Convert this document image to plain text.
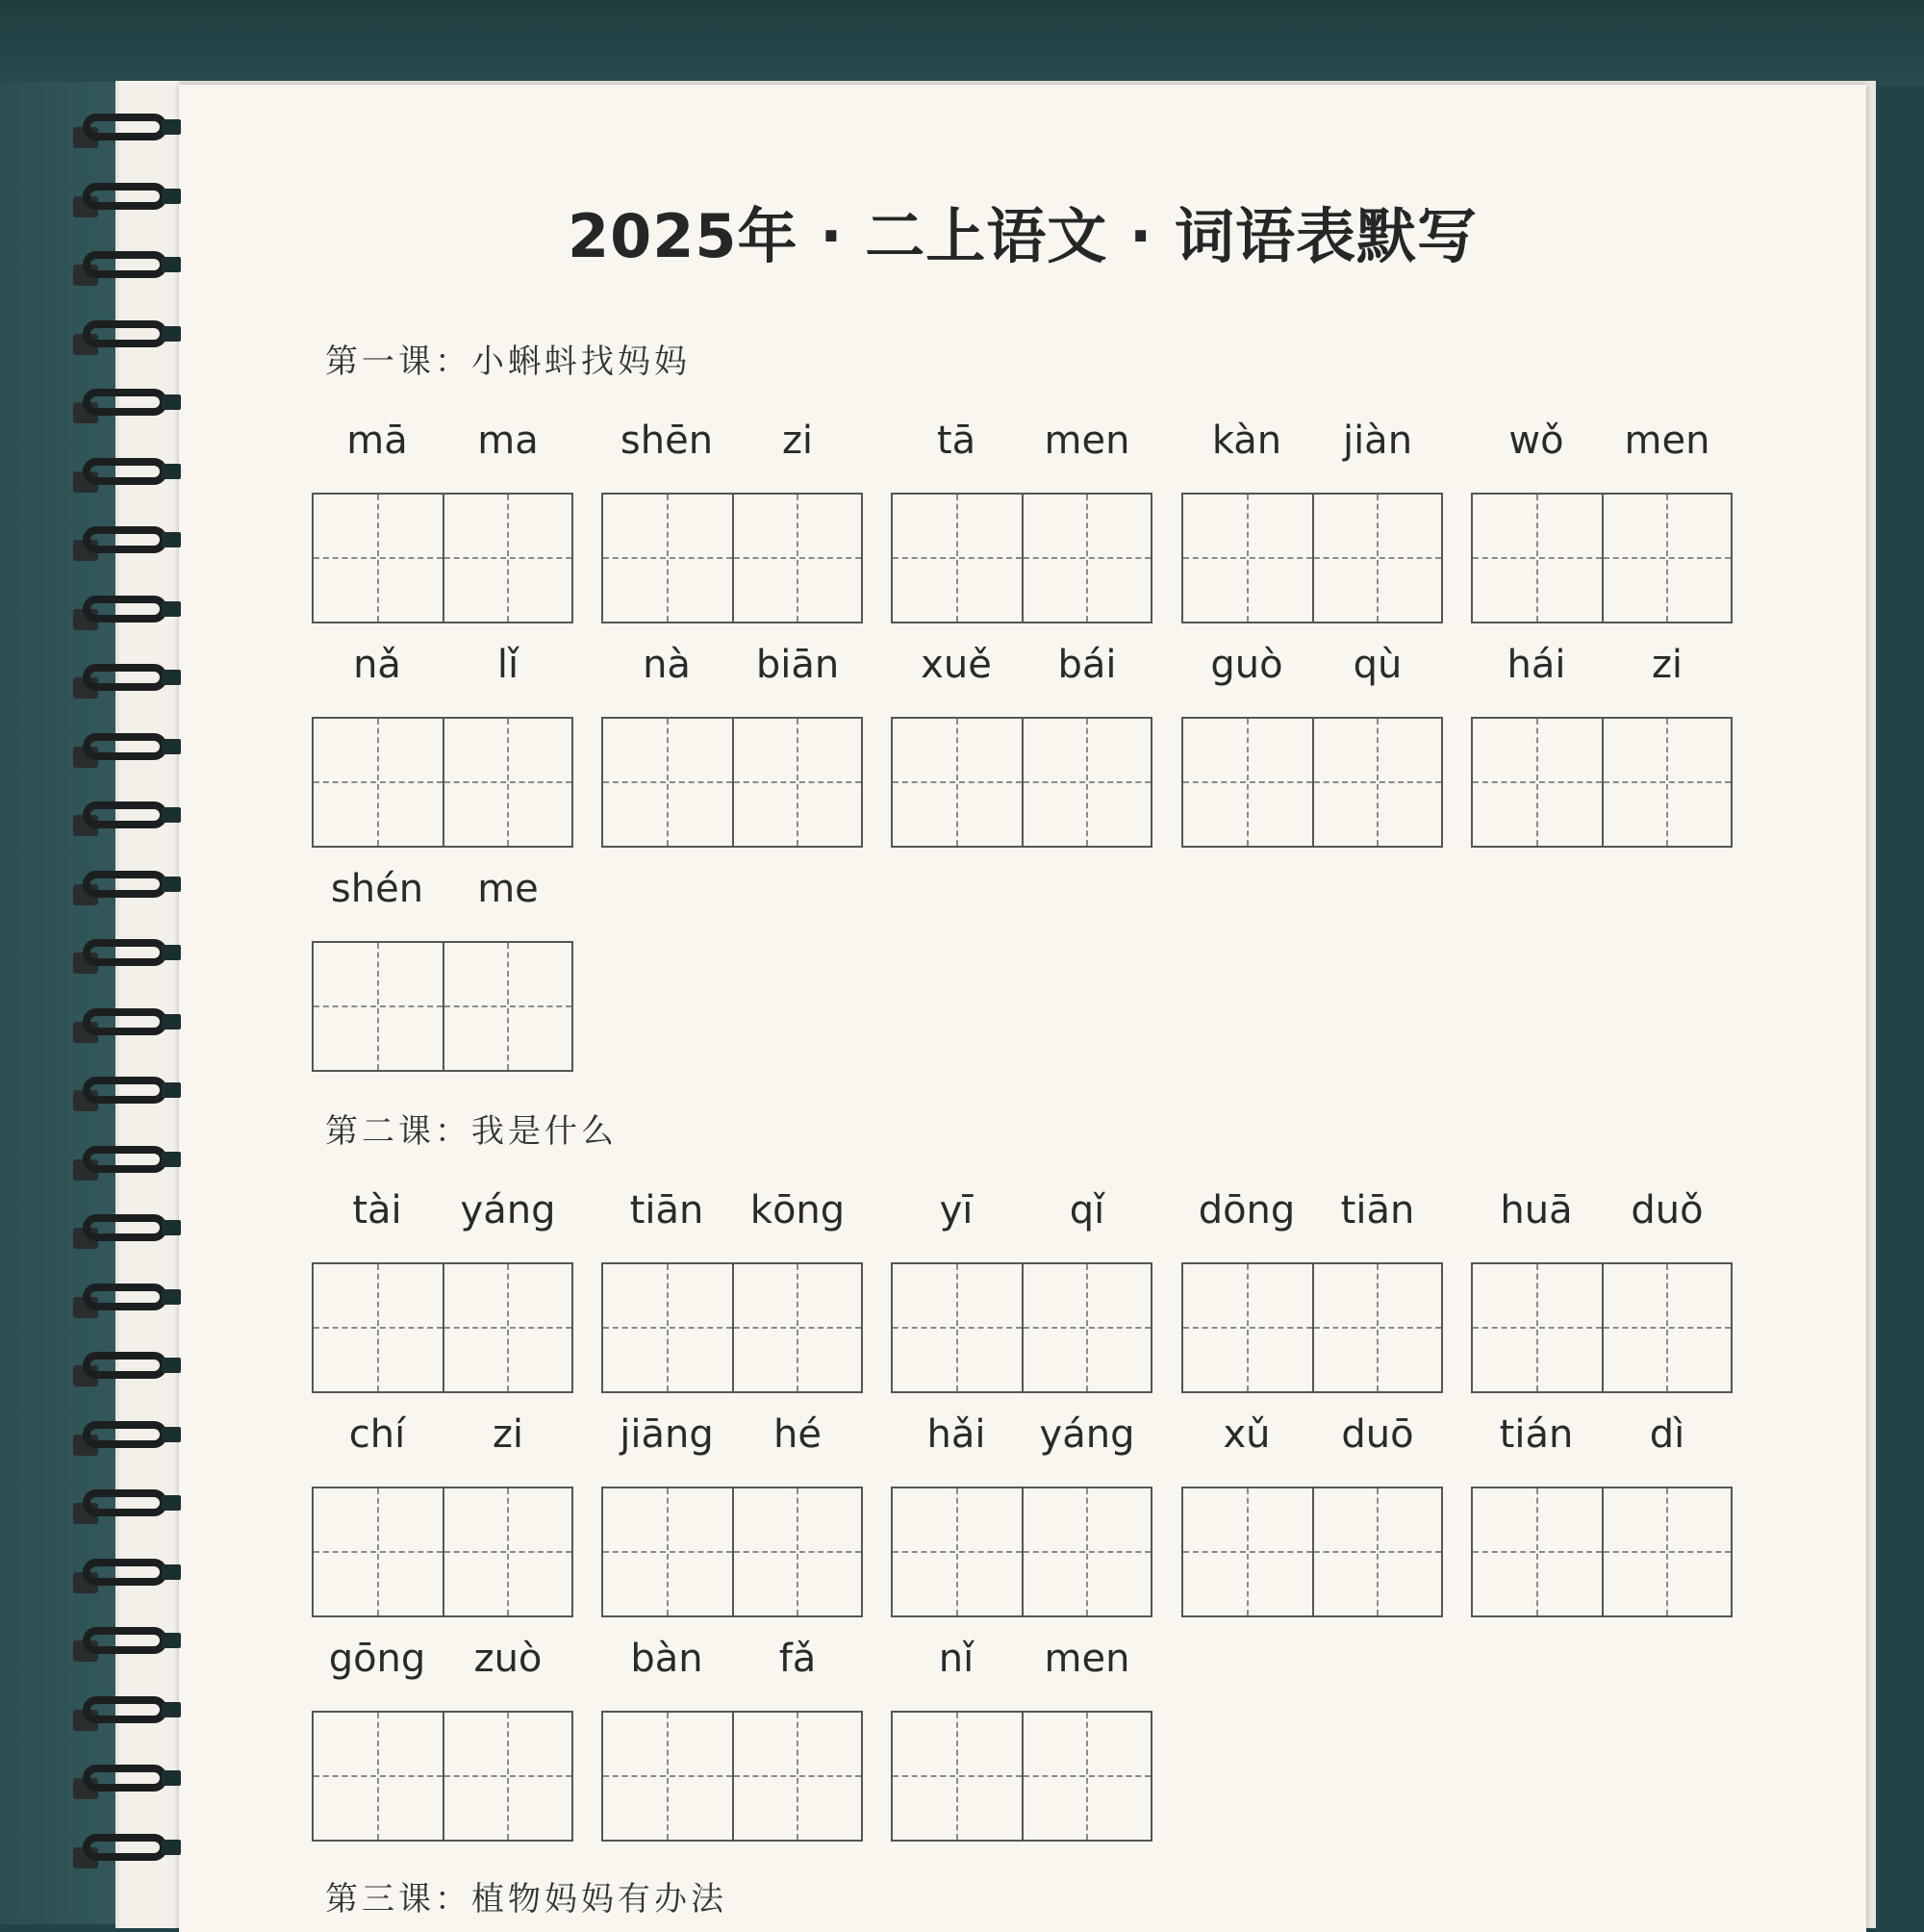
2025年 · 二上语文 · 词语表默写
第一课：小蝌蚪找妈妈
mā	ma	shēn	zi	tā	men	kàn	jiàn	wǒ	men
nǎ	lǐ	nà	biān	xuě	bái	guò	qù	hái	zi
shén	me
第二课：我是什么
tài	yáng	tiān	kōng	yī	qǐ	dōng	tiān	huā	duǒ
chí	zi	jiāng	hé	hǎi	yáng	xǔ	duō	tián	dì
gōng	zuò	bàn	fǎ	nǐ	men
第三课：植物妈妈有办法
